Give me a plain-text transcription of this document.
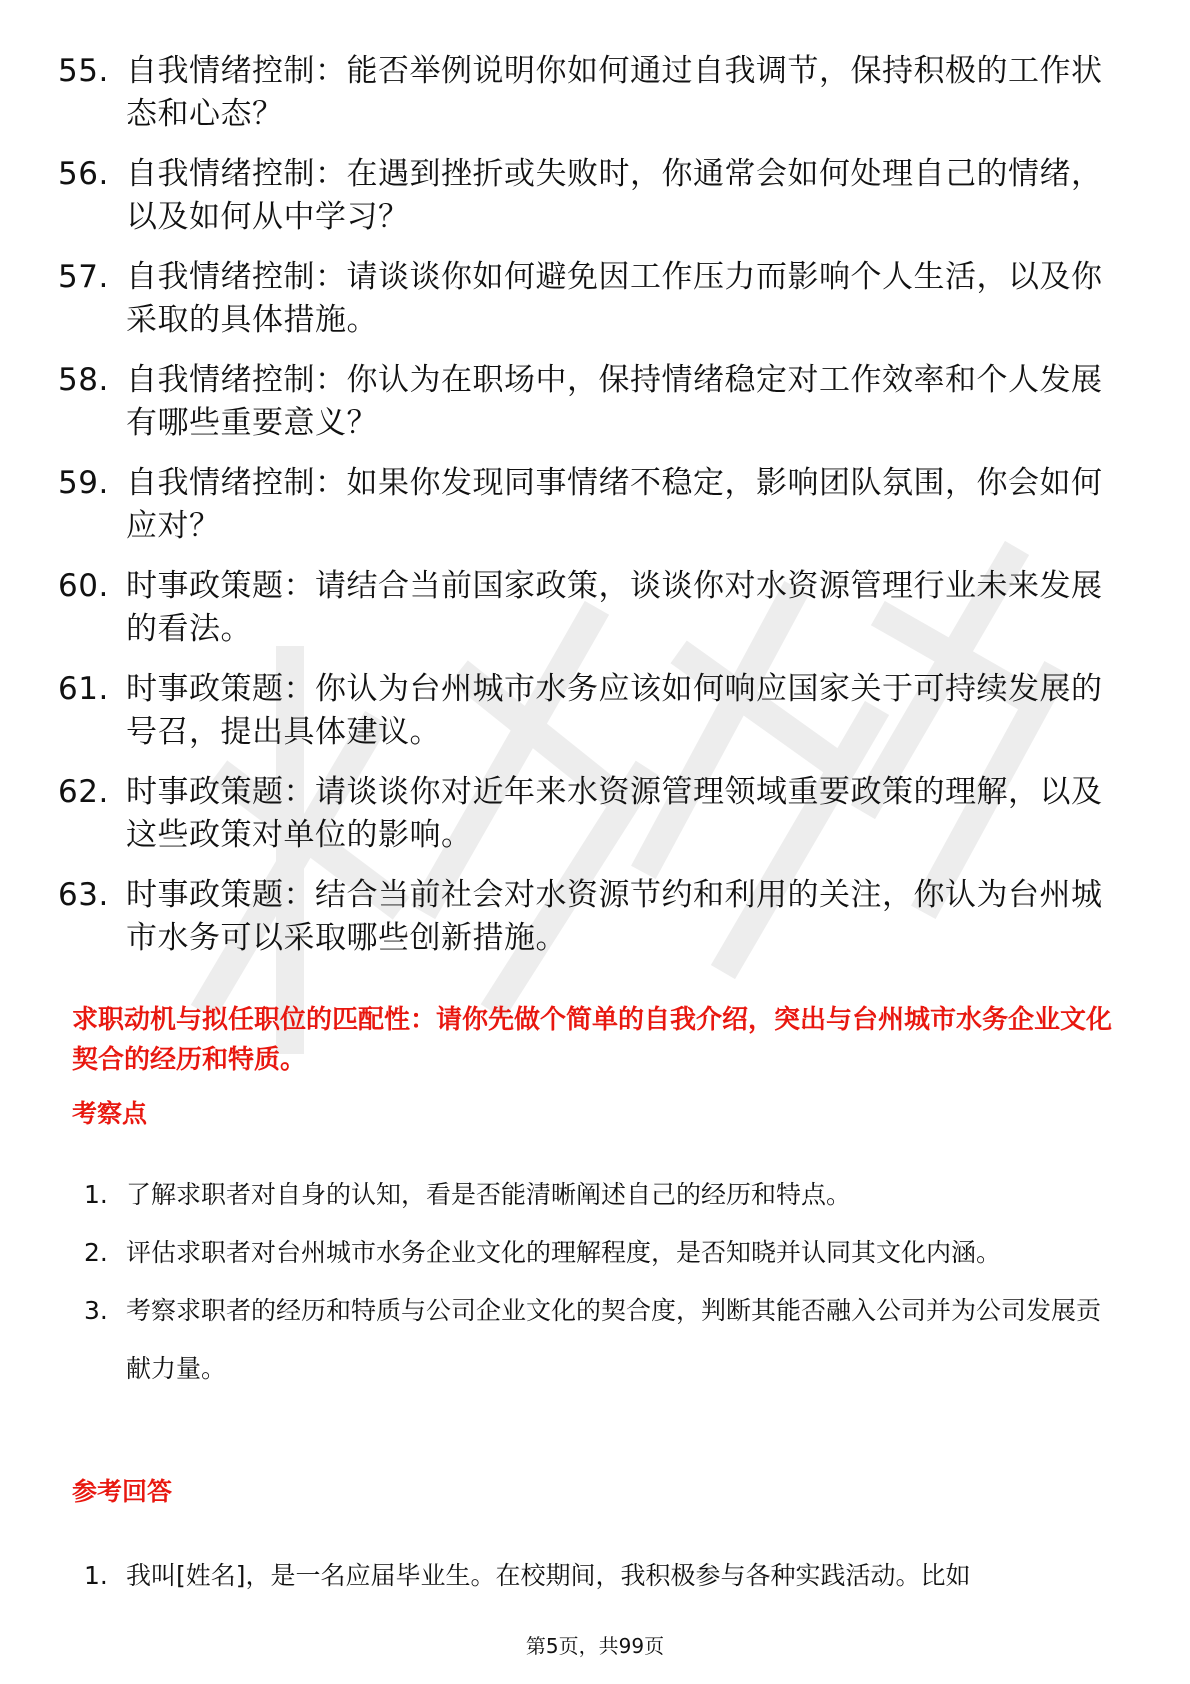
55. 自我情绪控制：能否举例说明你如何通过自我调节，保持积极的工作状态和心态？
56. 自我情绪控制：在遇到挫折或失败时，你通常会如何处理自己的情绪，以及如何从中学习？
57. 自我情绪控制：请谈谈你如何避免因工作压力而影响个人生活，以及你采取的具体措施。
58. 自我情绪控制：你认为在职场中，保持情绪稳定对工作效率和个人发展有哪些重要意义？
59. 自我情绪控制：如果你发现同事情绪不稳定，影响团队氛围，你会如何应对？
60. 时事政策题：请结合当前国家政策，谈谈你对水资源管理行业未来发展的看法。
61. 时事政策题：你认为台州城市水务应该如何响应国家关于可持续发展的号召，提出具体建议。
62. 时事政策题：请谈谈你对近年来水资源管理领域重要政策的理解，以及这些政策对单位的影响。
63. 时事政策题：结合当前社会对水资源节约和利用的关注，你认为台州城市水务可以采取哪些创新措施。
求职动机与拟任职位的匹配性：请你先做个简单的自我介绍，突出与台州城市水务企业文化契合的经历和特质。
考察点
1. 了解求职者对自身的认知，看是否能清晰阐述自己的经历和特点。
2. 评估求职者对台州城市水务企业文化的理解程度，是否知晓并认同其文化内涵。
3. 考察求职者的经历和特质与公司企业文化的契合度，判断其能否融入公司并为公司发展贡献力量。
参考回答
1. 我叫[姓名]，是一名应届毕业生。在校期间，我积极参与各种实践活动。比如
第5页，共99页
